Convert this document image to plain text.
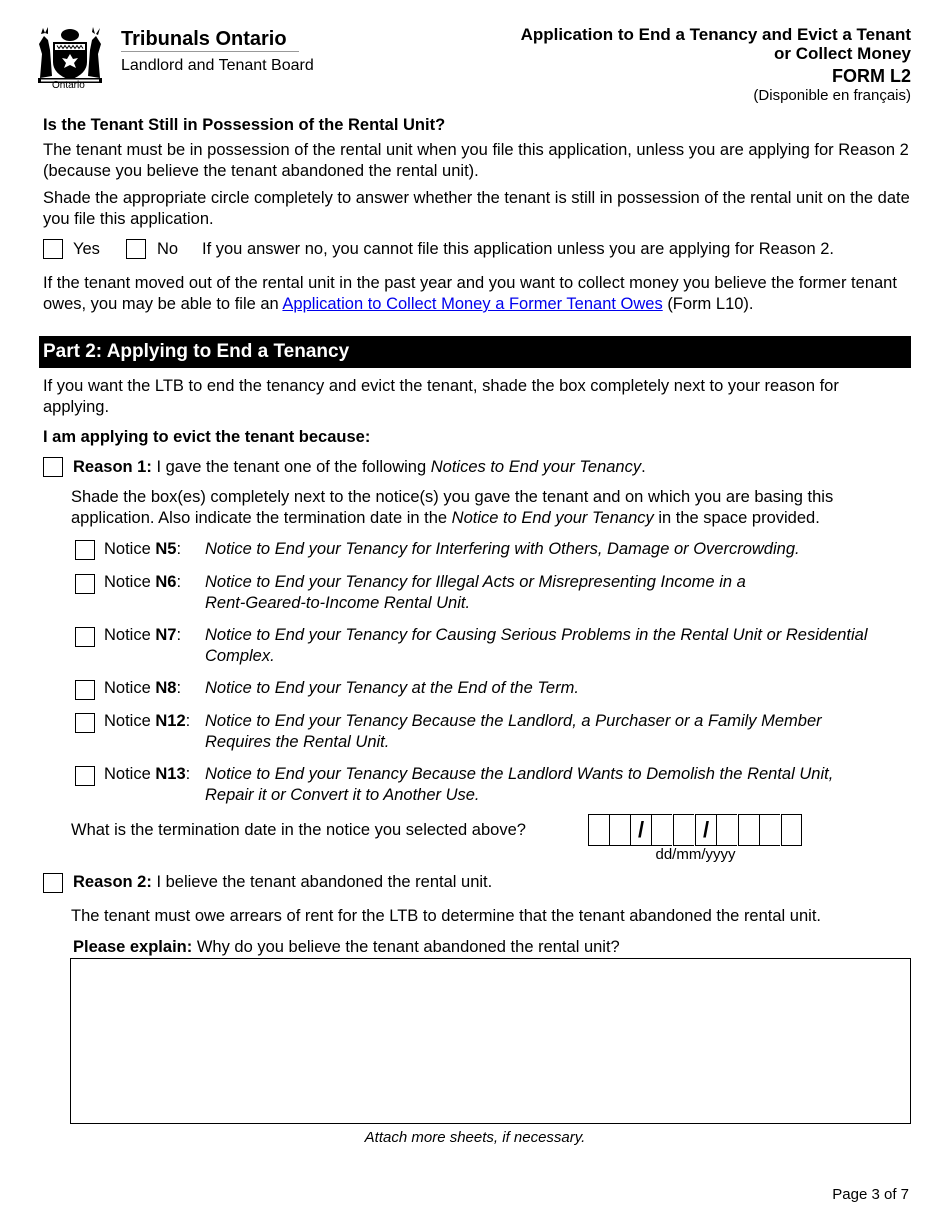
Ontario
Tribunals Ontario
Landlord and Tenant Board
Application to End a Tenancy and Evict a Tenant
or Collect Money
FORM L2
(Disponible en français)
Is the Tenant Still in Possession of the Rental Unit?
The tenant must be in possession of the rental unit when you file this application, unless you are applying for Reason 2 (because you believe the tenant abandoned the rental unit).
Shade the appropriate circle completely to answer whether the tenant is still in possession of the rental unit on the date you file this application.
Yes	No If you answer no, you cannot file this application unless you are applying for Reason 2.
If the tenant moved out of the rental unit in the past year and you want to collect money you believe the former tenant owes, you may be able to file an Application to Collect Money a Former Tenant Owes (Form L10).
Part 2: Applying to End a Tenancy
If you want the LTB to end the tenancy and evict the tenant, shade the box completely next to your reason for applying.
I am applying to evict the tenant because:
Reason 1: I gave the tenant one of the following Notices to End your Tenancy.
Shade the box(es) completely next to the notice(s) you gave the tenant and on which you are basing this application. Also indicate the termination date in the Notice to End your Tenancy in the space provided.
Notice N5: Notice to End your Tenancy for Interfering with Others, Damage or Overcrowding.
Notice N6: Notice to End your Tenancy for Illegal Acts or Misrepresenting Income in a
Rent-Geared-to-Income Rental Unit.
Notice N7: Notice to End your Tenancy for Causing Serious Problems in the Rental Unit or Residential
Complex.
Notice N8: Notice to End your Tenancy at the End of the Term.
Notice N12: Notice to End your Tenancy Because the Landlord, a Purchaser or a Family Member
Requires the Rental Unit.
Notice N13: Notice to End your Tenancy Because the Landlord Wants to Demolish the Rental Unit,
Repair it or Convert it to Another Use.
What is the termination date in the notice you selected above?	/	/
dd/mm/yyyy
Reason 2: I believe the tenant abandoned the rental unit.
The tenant must owe arrears of rent for the LTB to determine that the tenant abandoned the rental unit.
Please explain: Why do you believe the tenant abandoned the rental unit?
Attach more sheets, if necessary.
Page 3 of 7
